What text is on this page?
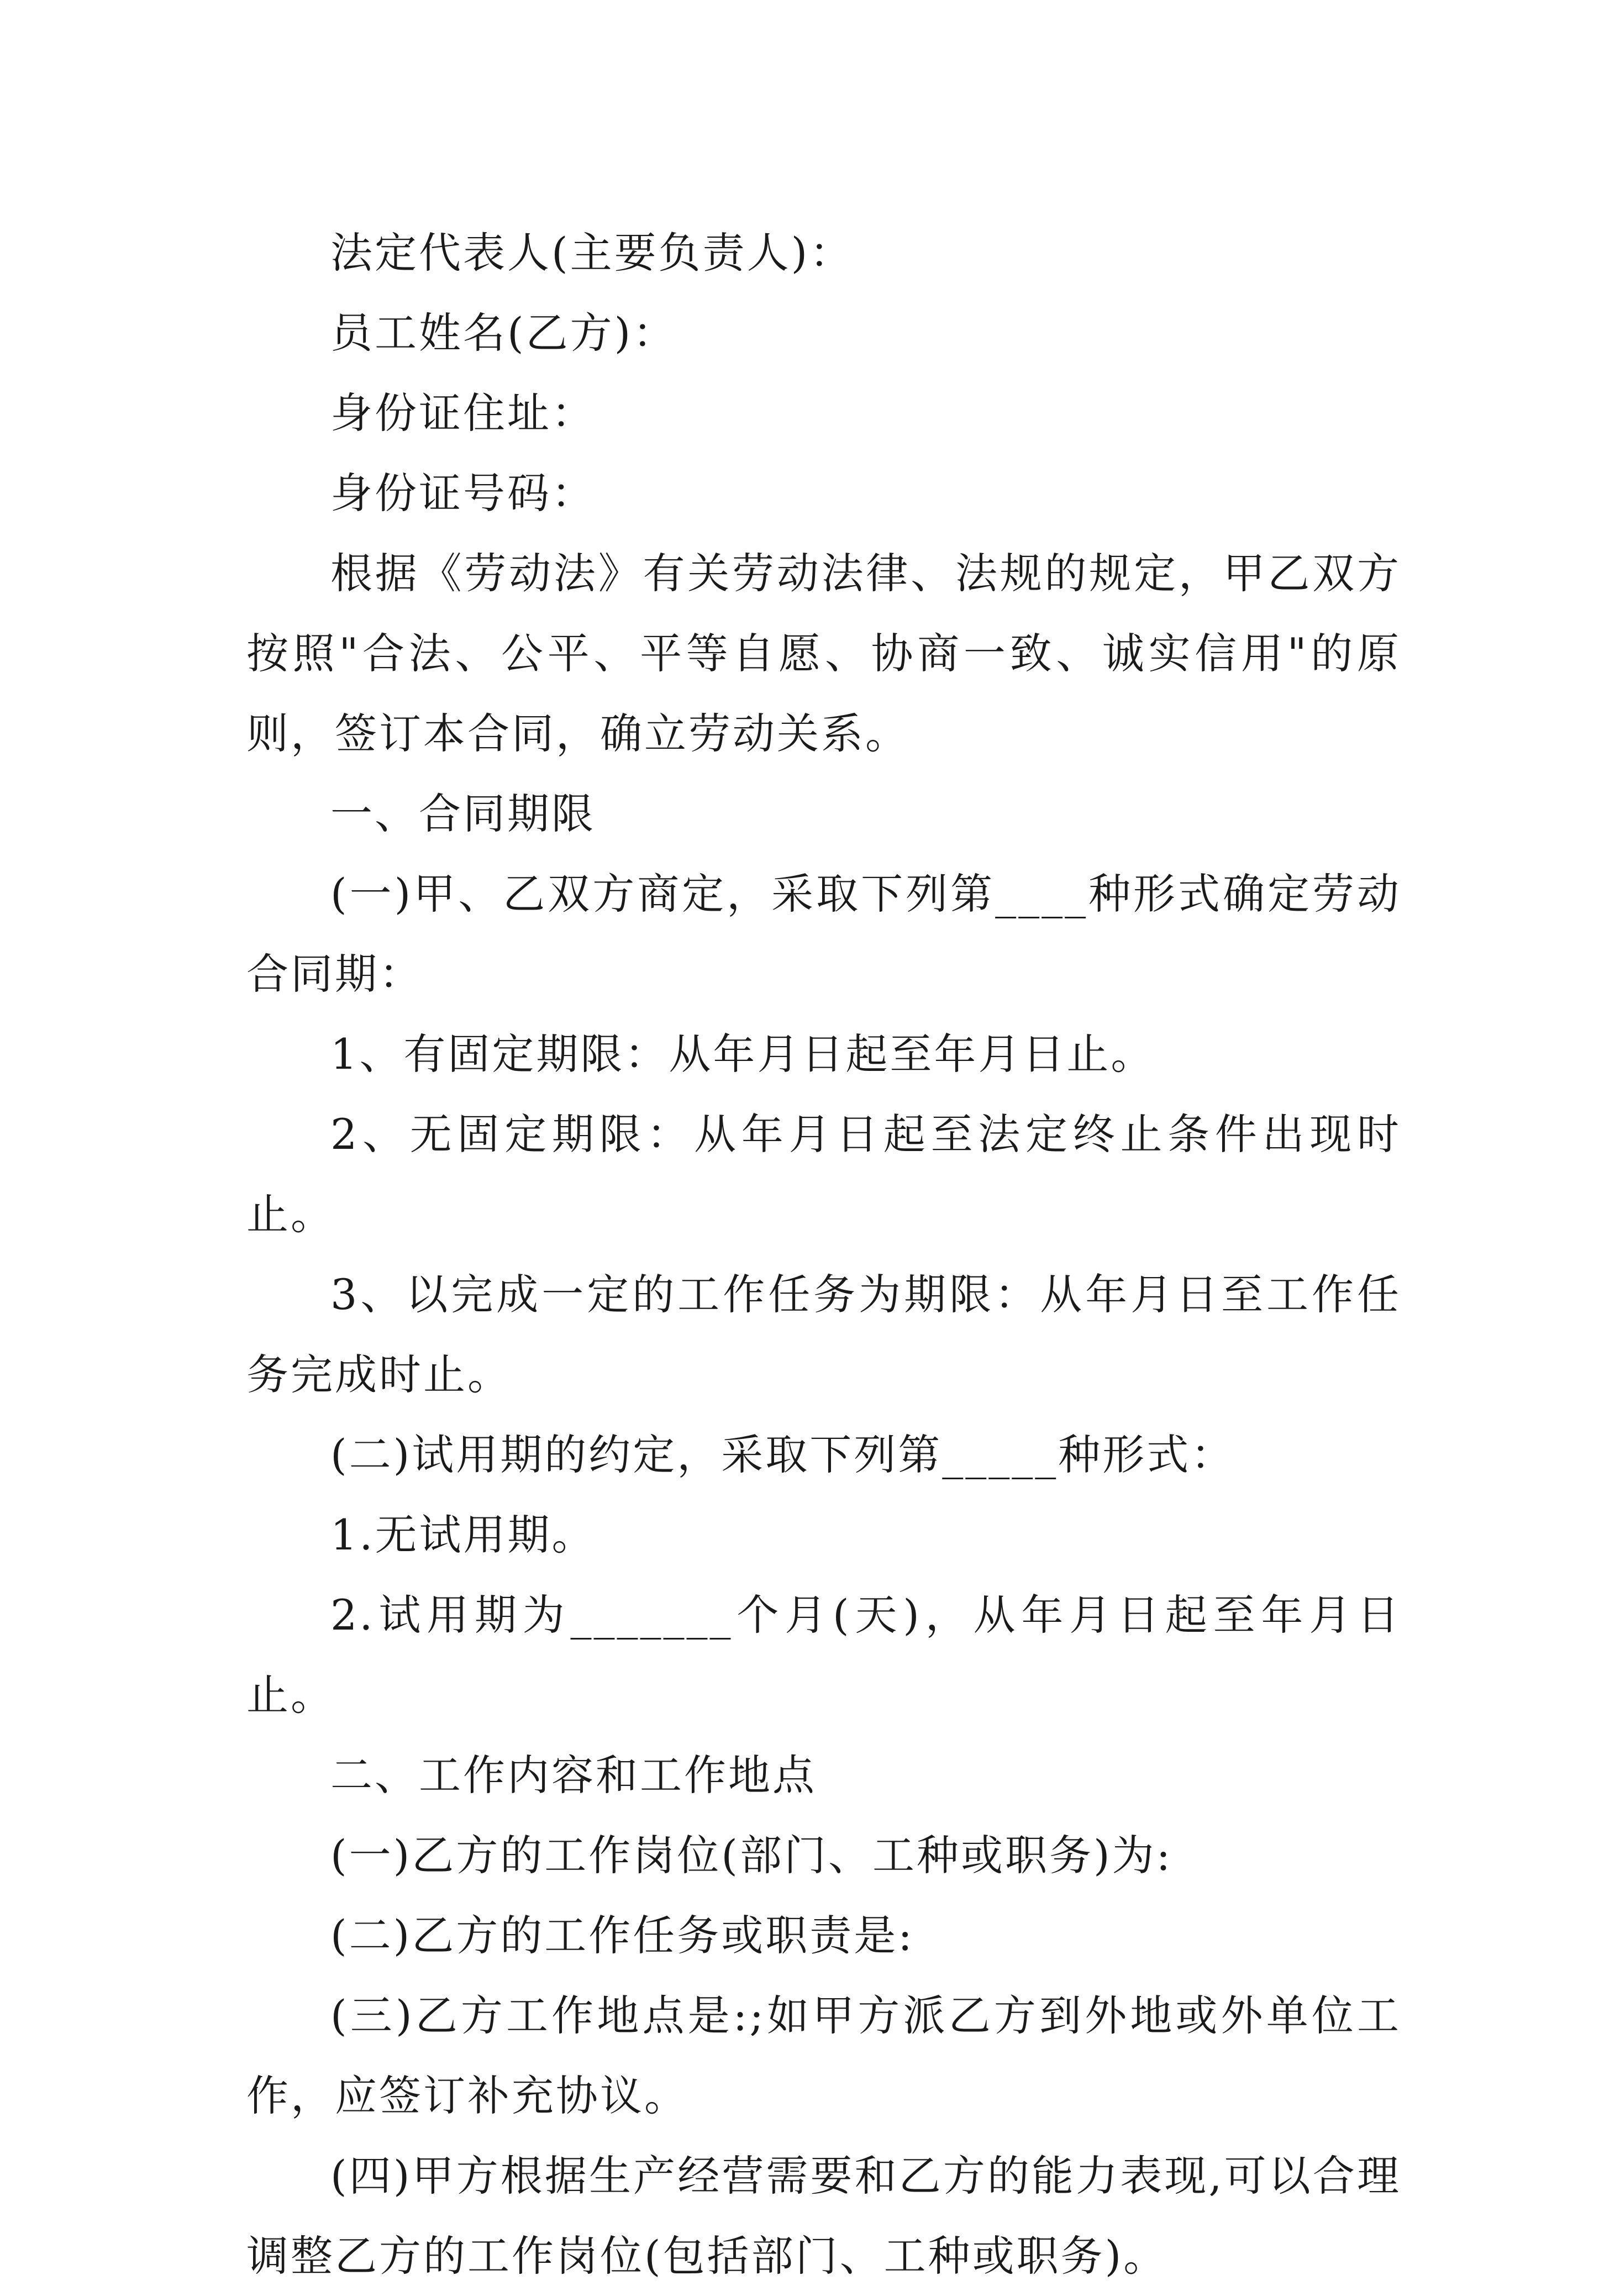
法定代表人(主要负责人)：

员工姓名(乙方)：

身份证住址：

身份证号码：

根据《劳动法》有关劳动法律、法规的规定，甲乙双方按照"合法、公平、平等自愿、协商一致、诚实信用"的原则，签订本合同，确立劳动关系。

一、合同期限

(一)甲、乙双方商定，采取下列第____种形式确定劳动合同期：

1、有固定期限：从年月日起至年月日止。

2、无固定期限：从年月日起至法定终止条件出现时止。

3、以完成一定的工作任务为期限：从年月日至工作任务完成时止。

(二)试用期的约定，采取下列第_____种形式：

1.无试用期。

2.试用期为_______个月(天)，从年月日起至年月日止。

二、工作内容和工作地点

(一)乙方的工作岗位(部门、工种或职务)为:

(二)乙方的工作任务或职责是:

(三)乙方工作地点是:;如甲方派乙方到外地或外单位工作，应签订补充协议。

(四)甲方根据生产经营需要和乙方的能力表现,可以合理调整乙方的工作岗位(包括部门、工种或职务)。
